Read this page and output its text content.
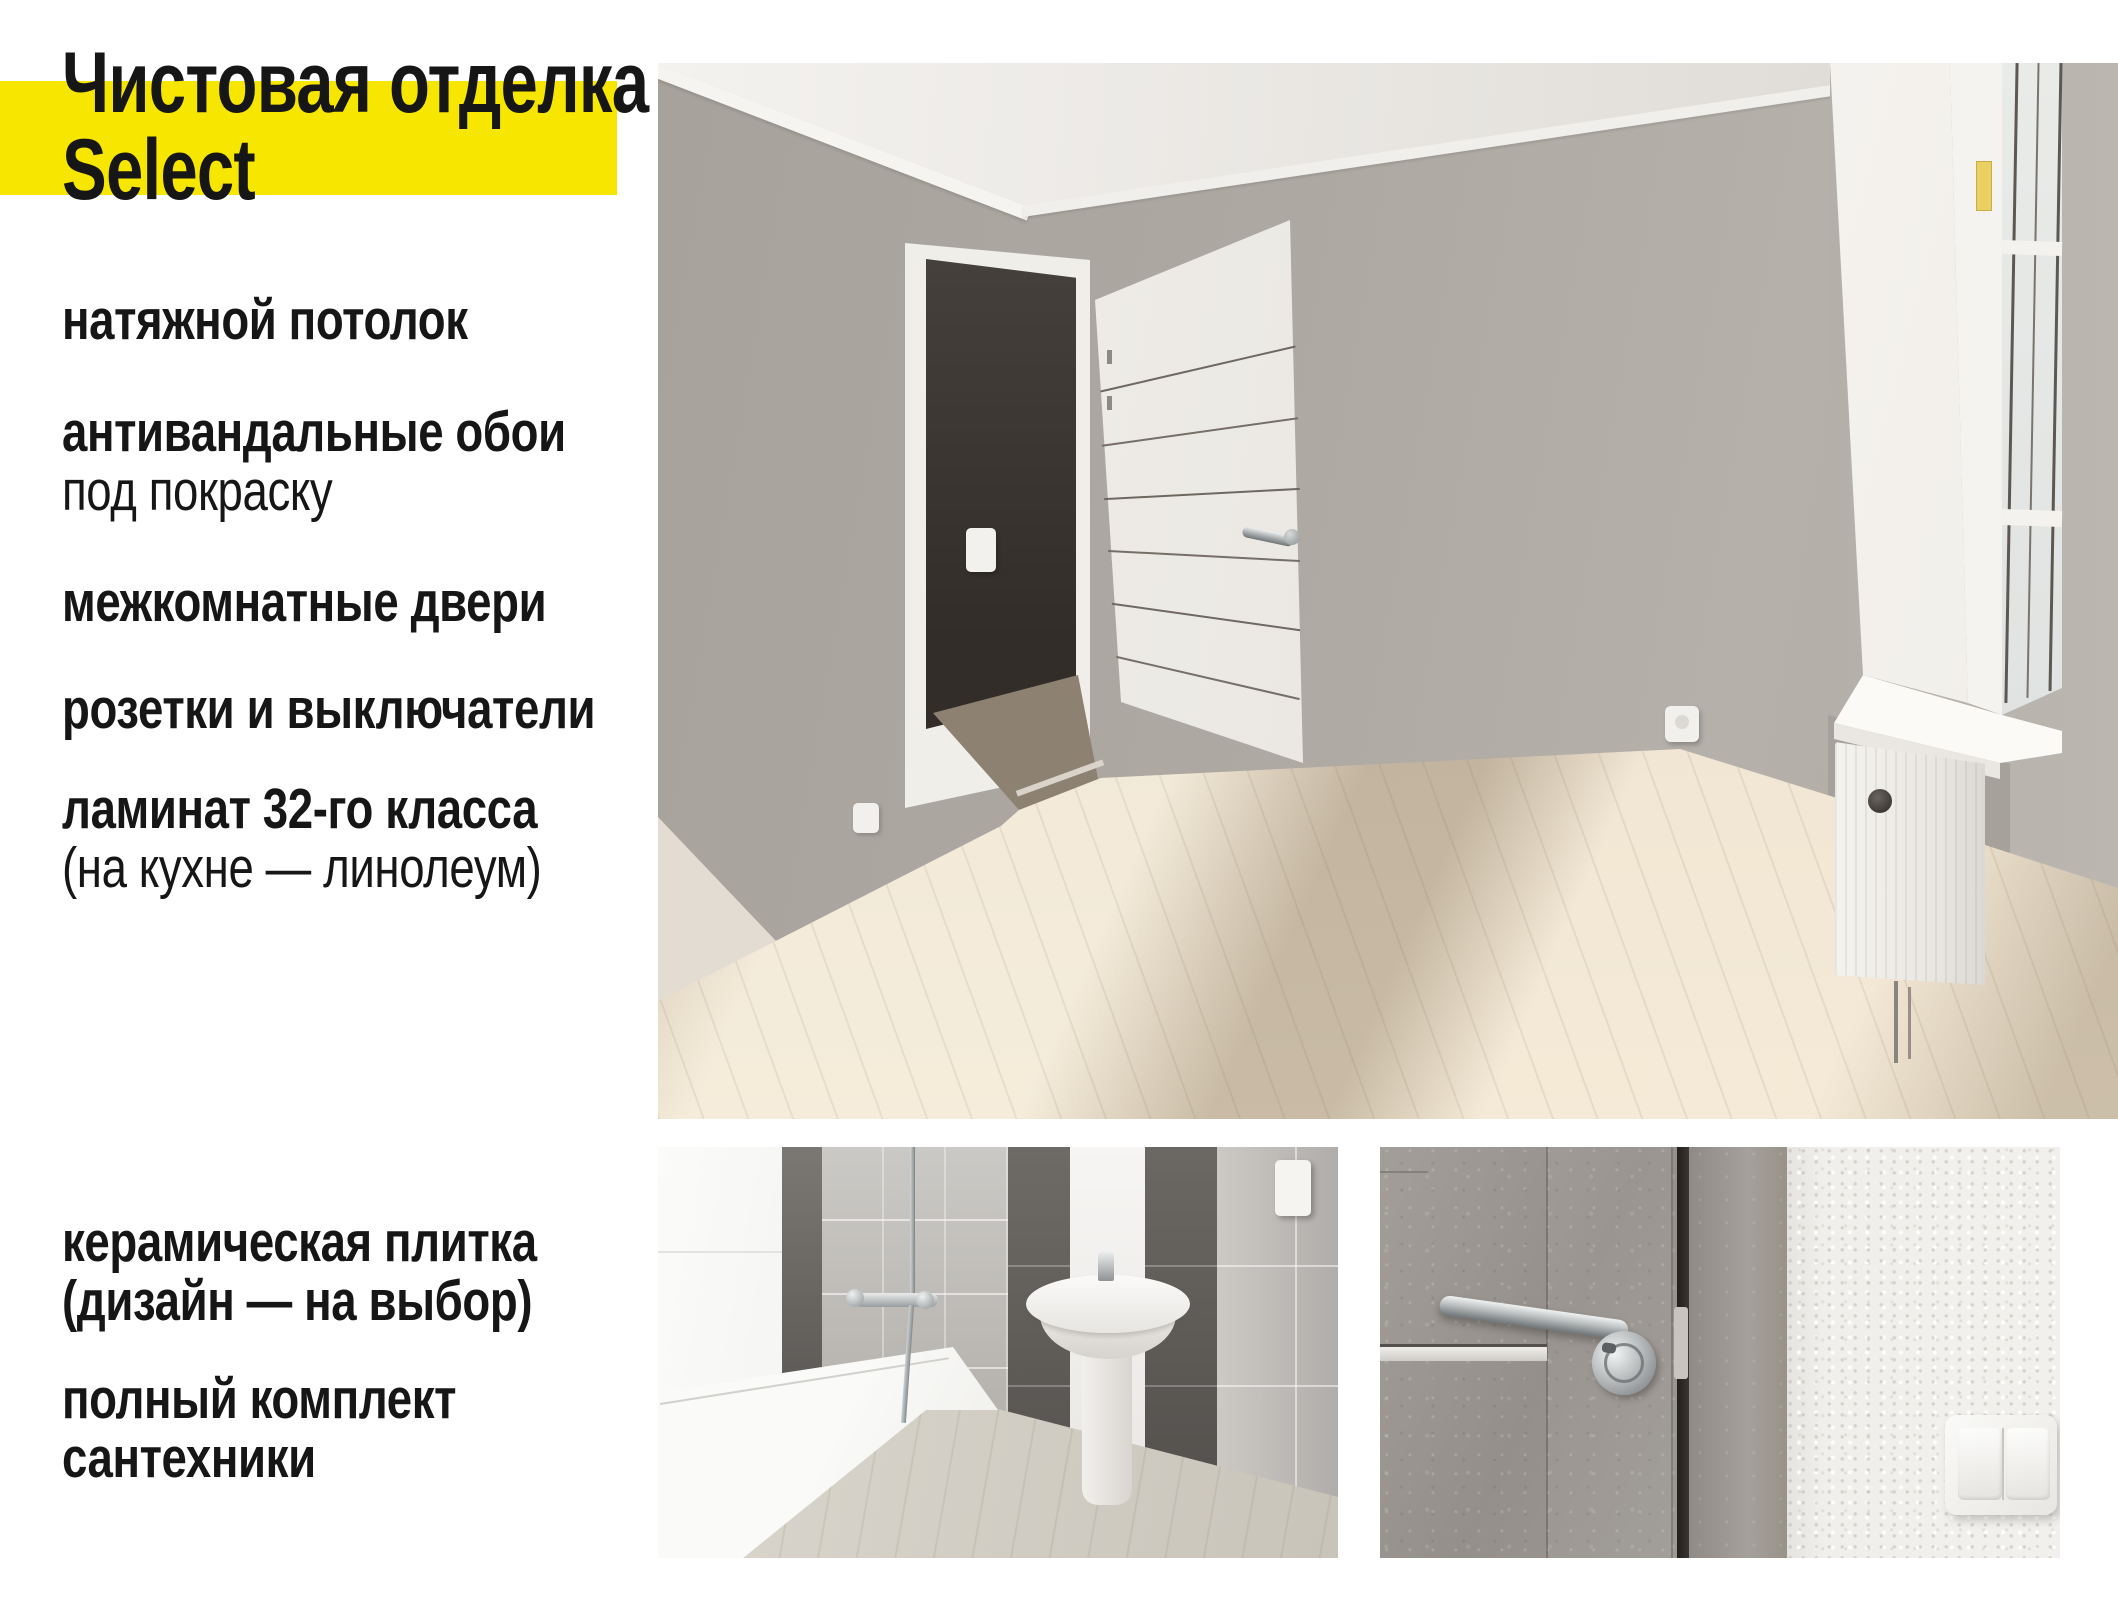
Чистовая отделка
Select
натяжной потолок
антивандальные обои
под покраску
межкомнатные двери
розетки и выключатели
ламинат 32-го класса
(на кухне — линолеум)
керамическая плитка
(дизайн — на выбор)
полный комплект
сантехники
